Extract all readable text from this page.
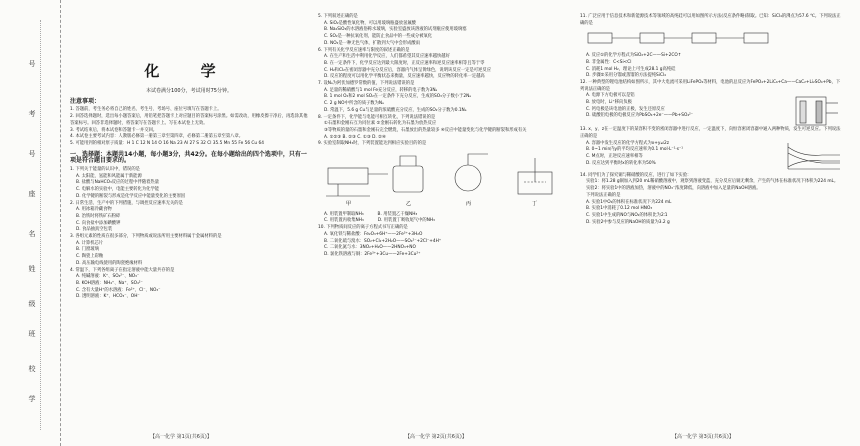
号
考
号
座
名
姓
级
班
校
学
化 学
本试卷满分100分，考试用时75分钟。
注意事项：

1. 答题前，考生务必将自己的姓名、考生号、考场号、座位号填写在答题卡上。

2. 回答选择题时，选出每小题答案后，用铅笔把答题卡上对应题目的答案标号涂黑。如需改动，用橡皮擦干净后，再选涂其他答案标号。回答非选择题时，将答案写在答题卡上。写在本试卷上无效。

3. 考试结束后，将本试卷和答题卡一并交回。

4. 本试卷主要考试内容：人教版必修第一册第三章至第四章，必修第二册第五章至第八章。

5. 可能用到的相对原子质量：H 1 C 12 N 14 O 16 Na 23 Al 27 S 32 Cl 35.5 Mn 55 Fe 56 Cu 64

一、选择题：本题共14小题，每小题3分，共42分。在每小题给出的四个选项中，只有一项是符合题目要求的。

1. 下列关于能量的认识中，错误的是

A. 太阳能、氢能和风能属于新能源

B. 盐酸与NaHCO₃反应的过程中伴随着热量

C. 电解水的实验中，电能主要转化为化学能

D. 化学键的断裂与形成是化学反应中能量变化的主要原因

2. 日常生活、生产中的下列措施，与调控反应速率无关的是

A. 用冰箱冷藏食物

B. 冶铁时将铁矿石粉碎

C. 向食盐中添加碘酸钾

D. 食品抽真空包装

3. 各组元素的性质在很多部分，下列物质或说法所用主要材料属于金属材料的是

A. 计算机芯片

B. 门窗玻璃

C. 陶瓷上彩釉

D. 高压输电线使用的陶瓷绝缘材料

4. 常温下，下列各组离子在指定溶液中能大量共存的是

A. 纯碱溶液：K⁺、SO₄²⁻、NO₃⁻

B. KOH溶液：NH₄⁺、Na⁺、SO₄²⁻

C. 含有大量H⁺的水溶液：Fe²⁺、Cl⁻、NO₃⁻

D. 透明溶液：K⁺、HCO₃⁻、OH⁻

5. 下列叙述正确的是

A. SiO₂是酸性氧化物，可以用玻璃瓶盛放氢氟酸

B. Na₂SiO₃的水溶液俗称水玻璃，实验室盛放该溶液的试剂瓶应使用玻璃塞

C. SO₂是一种抗氧化剂，能防止食品中的一些成分被氧化

D. NO₂是一种无色气体，扩散到大气中会形成酸雨

6. 下列有关化学反应速率与限度的叙述正确的是

A. 在生产和生活中利用化学反应，人们都希望其反应速率越快越好

B. 在一定条件下，化学反应达到最大限度时，正反应速率和逆反应速率相等且等于零

C. H₂和Cl₂在密闭容器中充分反应后，容器内气体呈黄绿色，说明该反应一定是可逆反应

D. 反应的程度可以用化学平衡状态来衡量，反应速率越快，反应物的转化率一定越高

7. 设Nₐ为阿伏加德罗常数的值，下列说法错误的是

A. 足量的稀硝酸与1 mol Fe充分反应，转移的电子数为3Nₐ

B. 1 mol O₂和2 mol SO₂在一定条件下充分反应，生成的SO₃分子数小于2Nₐ

C. 2 g NO中所含的质子数为Nₐ

D. 常温下，5.6 g Cu与足量的浓硫酸充分反应，生成的SO₂分子数为0.1Nₐ

8. 一定条件下，化学能与电能可相互转化，下列说法错误的是

①石墨和金刚石互为同位素 ②金刚石转化为石墨为放热反应

③等物质的量的石墨和金刚石完全燃烧，石墨放出的热量较多 ④反应中能量变化与化学键的断裂和形成有关

A. ①②③ B. ②③ C. ①③ D. ②④

9. 实验室制取NH₃时，下列装置能达到相应实验目的的是

甲	乙	丙	丁
A. 用装置甲制取NH₃	B. 用装置乙干燥NH₃
C. 用装置丙收集NH₃	D. 用装置丁吸收尾气中的NH₃

10. 下列物质间反应的离子方程式书写正确的是

A. 氧化铁与稀盐酸：Fe₂O₃+6H⁺——2Fe³⁺+3H₂O

B. 二氧化硫与溴水：SO₂+Cl₂+2H₂O——SO₄²⁻+2Cl⁻+4H⁺

C. 二氧化氮与水：3NO₂+H₂O——2HNO₃+NO

D. 氯化铁溶液与铜：2Fe³⁺+3Cu——2Fe+3Cu²⁺

11. 广泛应用于信息技术和新能源技术等领域的高纯硅可以用如图所示方法(反应条件略)制取。已知：SiCl₄的沸点为57.6 ℃。下列说法正确的是

A. 反应①的化学方程式为SiO₂+2C——Si+2CO↑

B. 非金属性：C<Si<Cl

C. 消耗1 mol H₂，理论上可生成28.1 g高纯硅

D. 步骤②采用分馏或蒸馏的方法提纯SiCl₄

12. 一种典型的锂电池结构如图所示，其中大电流可采用LiFePO₄等材料，电池的总反应为FePO₄+2LiC₆+Ca——CaC₂+Li₂SO₄+Pb，下列说法正确的是

A. 电源下方电极可以是铝

B. 放电时，Li⁺移向负极

C. 钙电极是该电池的正极，发生还原反应

D. 硫酸铅电极的电极反应为PbSO₄+2e⁻——Pb+SO₄²⁻

13. x、y、z在一定温度下的某容积不变的密闭容器中进行反应，一定温度下，向恒容密闭容器中通入两种物质，发生可逆反应。下列说法正确的是

A. 容器中发生反应的化学方程式为x+y⇌2z

B. 0~1 min内y的平均反应速率为0.1 mol·L⁻¹·s⁻¹

C. M点时，正逆反应速率相等

D. 反应达到平衡时x的转化率为50%

14. 同学们为了探究铜与稀硝酸的反应，进行了如下实验：

实验1：将1.28 g铜加入到20 mL稀硝酸溶液中，观察到溶液变蓝，充分反应后铜无剩余，产生的气体在标准状况下体积为224 mL。

实验2：将实验1中的溶液加热，溶液中的NO₃⁻浓度降低，向溶液中加入足量的NaOH溶液。

下列说法正确的是

A. 实验1中O₂的体积在标准状况下为224 mL

B. 实验1中消耗了0.12 mol HNO₃

C. 实验1中生成的NO与NO₂的体积比为2∶1

D. 实验2中参与反应的NaOH的质量为3.2 g

【高一化学 第1页(共6页)】	【高一化学 第2页(共6页)】	【高一化学 第3页(共6页)】
